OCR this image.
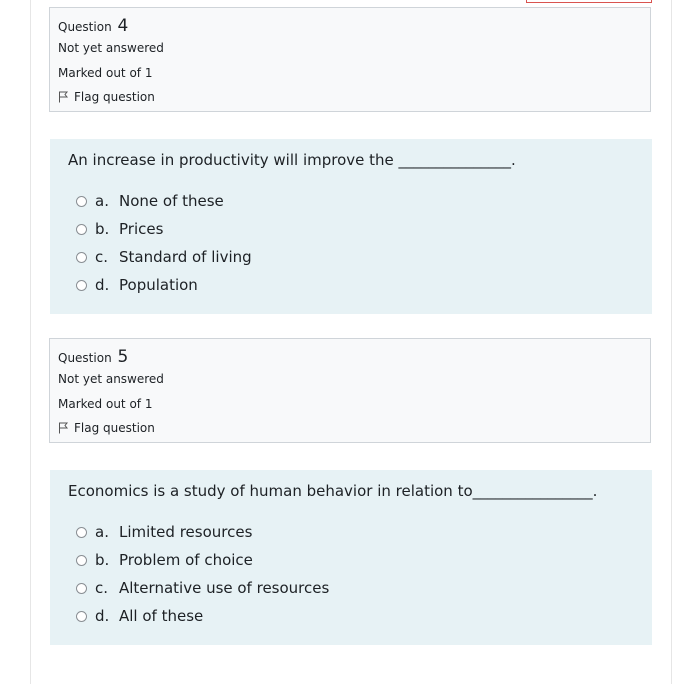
Question 4
Not yet answered
Marked out of 1
Flag question
An increase in productivity will improve the _______________.
a. None of these
b. Prices
c. Standard of living
d. Population
Question 5
Not yet answered
Marked out of 1
Flag question
Economics is a study of human behavior in relation to________________.
a. Limited resources
b. Problem of choice
c. Alternative use of resources
d. All of these
